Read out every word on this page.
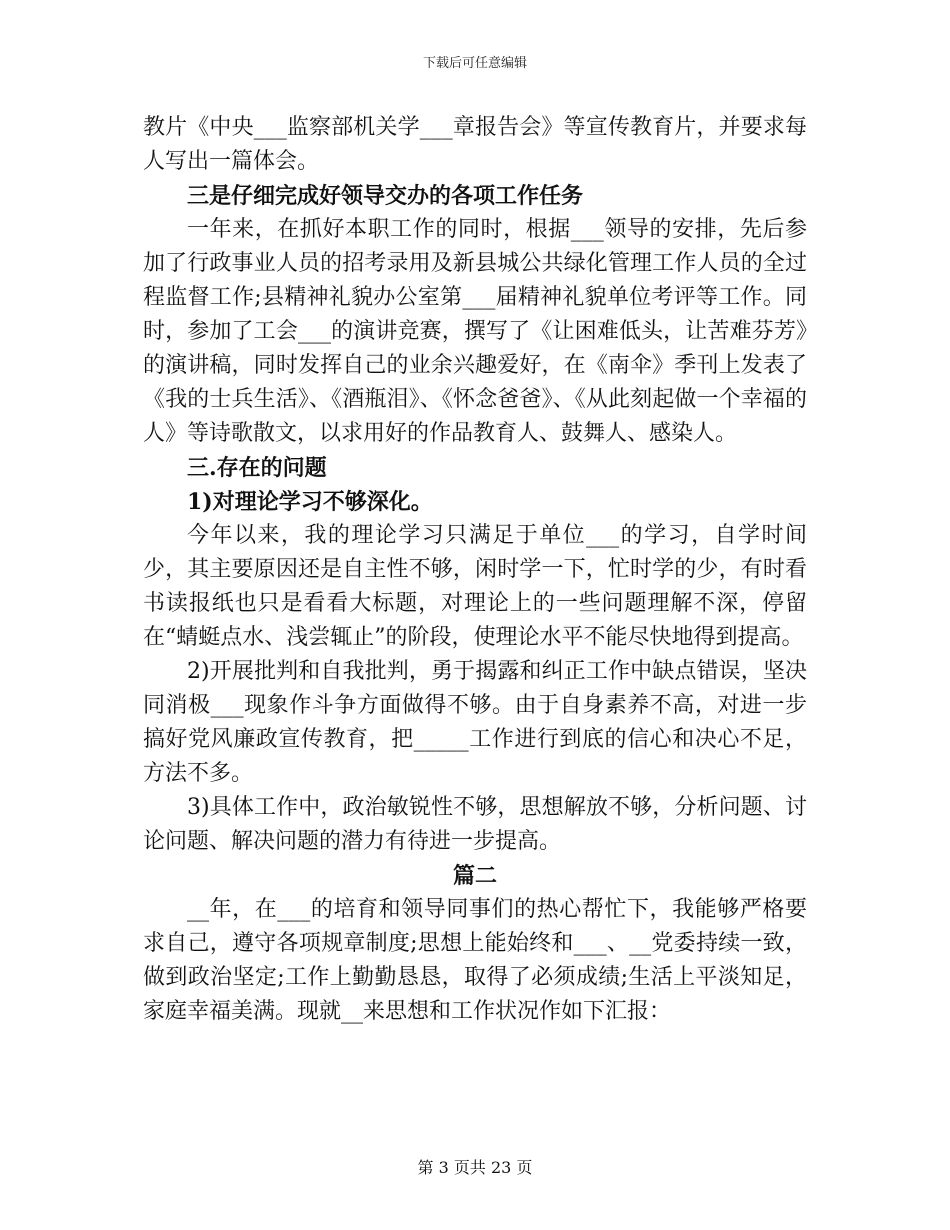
下载后可任意编辑

教片《中央___监察部机关学___章报告会》等宣传教育片，并要求每人写出一篇体会。

三是仔细完成好领导交办的各项工作任务

一年来，在抓好本职工作的同时，根据___领导的安排，先后参加了行政事业人员的招考录用及新县城公共绿化管理工作人员的全过程监督工作;县精神礼貌办公室第___届精神礼貌单位考评等工作。同时，参加了工会___的演讲竞赛，撰写了《让困难低头，让苦难芬芳》的演讲稿，同时发挥自己的业余兴趣爱好，在《南伞》季刊上发表了《我的士兵生活》、《酒瓶泪》、《怀念爸爸》、《从此刻起做一个幸福的人》等诗歌散文，以求用好的作品教育人、鼓舞人、感染人。

三.存在的问题

1)对理论学习不够深化。

今年以来，我的理论学习只满足于单位___的学习，自学时间少，其主要原因还是自主性不够，闲时学一下，忙时学的少，有时看书读报纸也只是看看大标题，对理论上的一些问题理解不深，停留在“蜻蜓点水、浅尝辄止”的阶段，使理论水平不能尽快地得到提高。

2)开展批判和自我批判，勇于揭露和纠正工作中缺点错误，坚决同消极___现象作斗争方面做得不够。由于自身素养不高，对进一步搞好党风廉政宣传教育，把_____工作进行到底的信心和决心不足，方法不多。

3)具体工作中，政治敏锐性不够，思想解放不够，分析问题、讨论问题、解决问题的潜力有待进一步提高。

篇二

__年，在___的培育和领导同事们的热心帮忙下，我能够严格要求自己，遵守各项规章制度;思想上能始终和___、__党委持续一致，做到政治坚定;工作上勤勤恳恳，取得了必须成绩;生活上平淡知足，家庭幸福美满。现就__来思想和工作状况作如下汇报：

第 3 页共 23 页
